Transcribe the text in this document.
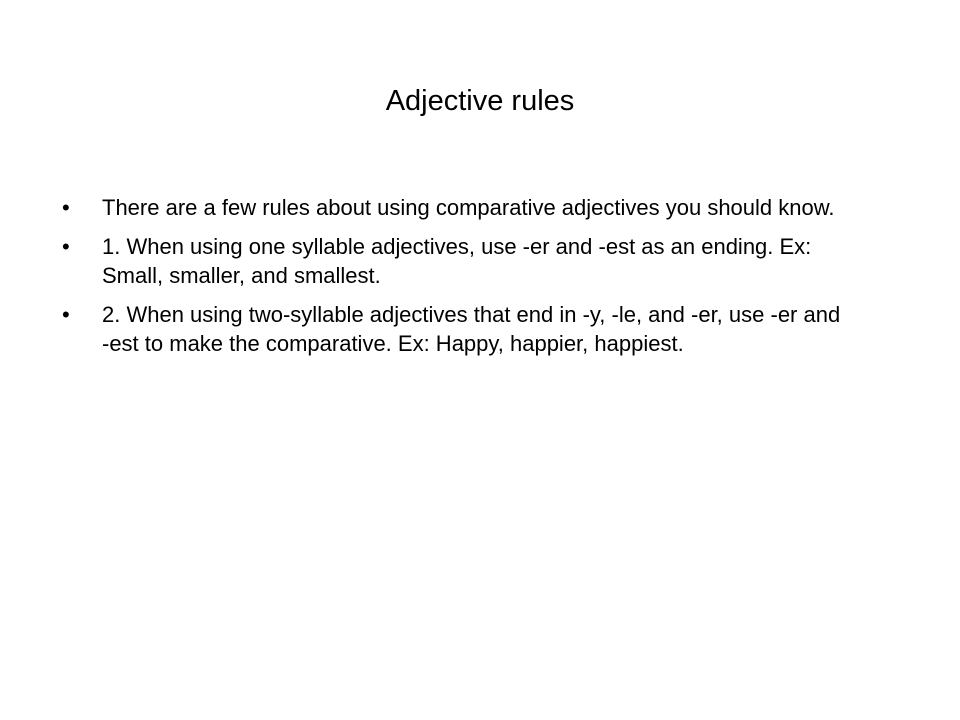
Adjective rules
• There are a few rules about using comparative adjectives you should know.
• 1. When using one syllable adjectives, use -er and -est as an ending. Ex: Small, smaller, and smallest.
• 2. When using two-syllable adjectives that end in -y, -le, and -er, use -er and -est to make the comparative. Ex: Happy, happier, happiest.
